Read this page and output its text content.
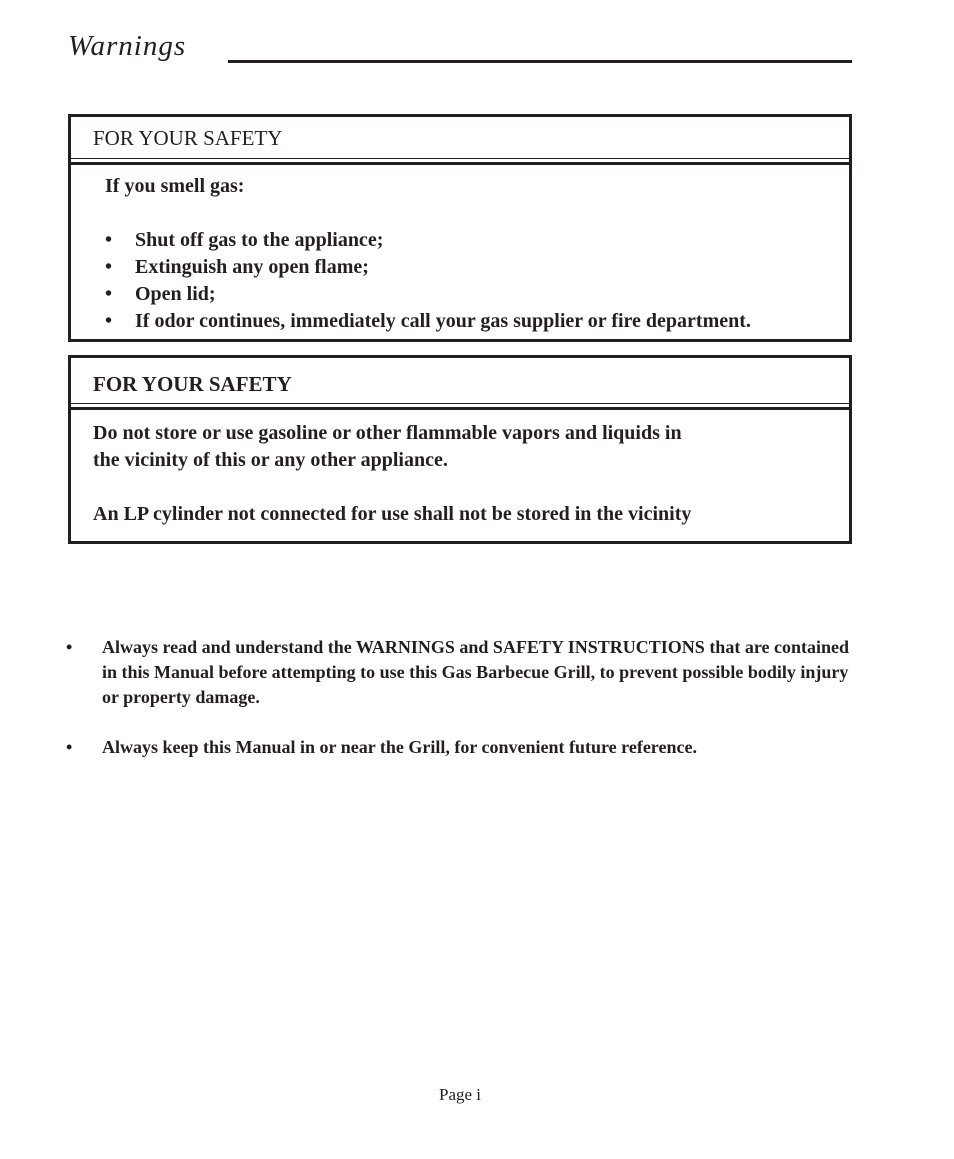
Warnings
FOR YOUR SAFETY
If you smell gas:
•	Shut off gas to the appliance;
•	Extinguish any open flame;
•	Open lid;
•	If odor continues, immediately call your gas supplier or fire department.
FOR YOUR SAFETY

Do not store or use gasoline or other flammable vapors and liquids in
the vicinity of this or any other appliance.

An LP cylinder not connected for use shall not be stored in the vicinity

•	Always read and understand the WARNINGS and SAFETY INSTRUCTIONS that are contained in this Manual before attempting to use this Gas Barbecue Grill, to prevent possible bodily injury or property damage.
•	Always keep this Manual in or near the Grill, for convenient future reference.
Page i
